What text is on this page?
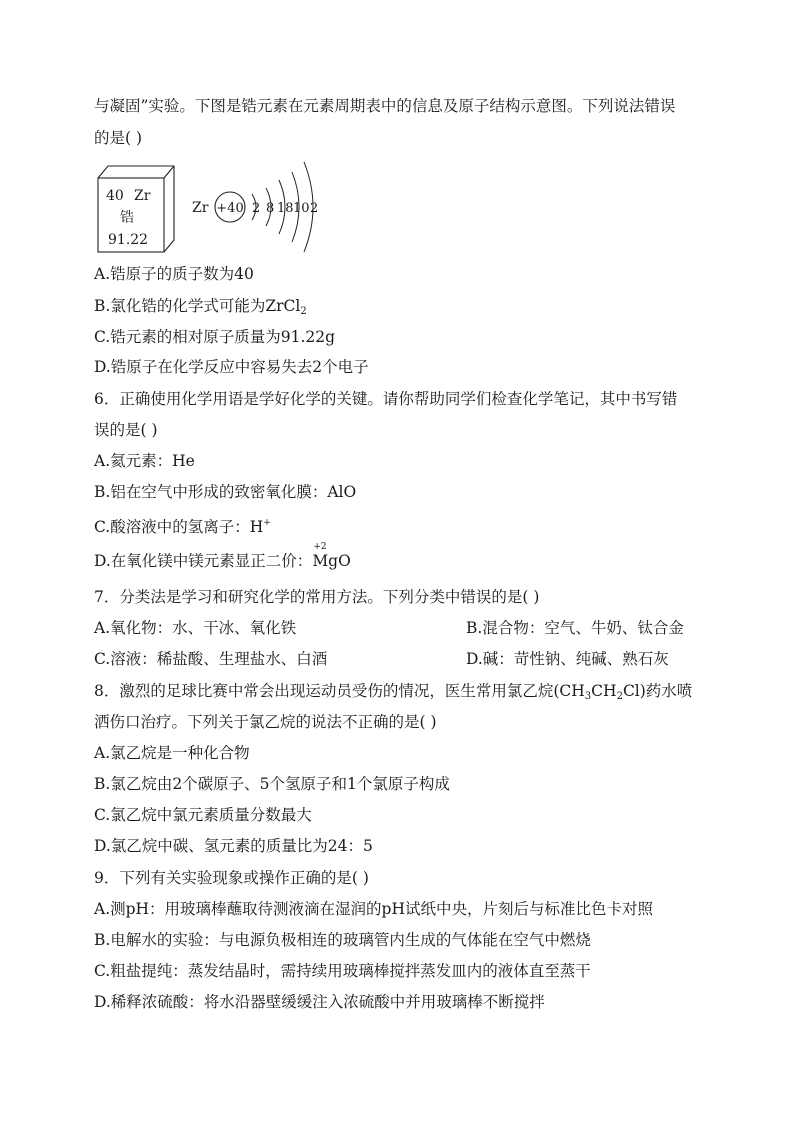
与凝固”实验。下图是锆元素在元素周期表中的信息及原子结构示意图。下列说法错误
的是( )
40 Zr
锆
91.22
Zr +40 2 8 18 10 2
A.锆原子的质子数为40
B.氯化锆的化学式可能为ZrCl$_2$
C.锆元素的相对原子质量为91.22g
D.锆原子在化学反应中容易失去2个电子
6．正确使用化学用语是学好化学的关键。请你帮助同学们检查化学笔记，其中书写错
误的是( )
A.氦元素：He
B.铝在空气中形成的致密氧化膜：AlO
C.酸溶液中的氢离子：H+
D.在氧化镁中镁元素显正二价：
+2
MgO
7．分类法是学习和研究化学的常用方法。下列分类中错误的是( )
A.氧化物：水、干冰、氧化铁	B.混合物：空气、牛奶、钛合金
C.溶液：稀盐酸、生理盐水、白酒	D.碱：苛性钠、纯碱、熟石灰
8．激烈的足球比赛中常会出现运动员受伤的情况，医生常用氯乙烷$(CH_3CH_2Cl)$药水喷
洒伤口治疗。下列关于氯乙烷的说法不正确的是( )
A.氯乙烷是一种化合物
B.氯乙烷由2个碳原子、5个氢原子和1个氯原子构成
C.氯乙烷中氯元素质量分数最大
D.氯乙烷中碳、氢元素的质量比为24：5
9．下列有关实验现象或操作正确的是( )
A.测pH：用玻璃棒蘸取待测液滴在湿润的pH试纸中央，片刻后与标准比色卡对照
B.电解水的实验：与电源负极相连的玻璃管内生成的气体能在空气中燃烧
C.粗盐提纯：蒸发结晶时，需持续用玻璃棒搅拌蒸发皿内的液体直至蒸干
D.稀释浓硫酸：将水沿器壁缓缓注入浓硫酸中并用玻璃棒不断搅拌
